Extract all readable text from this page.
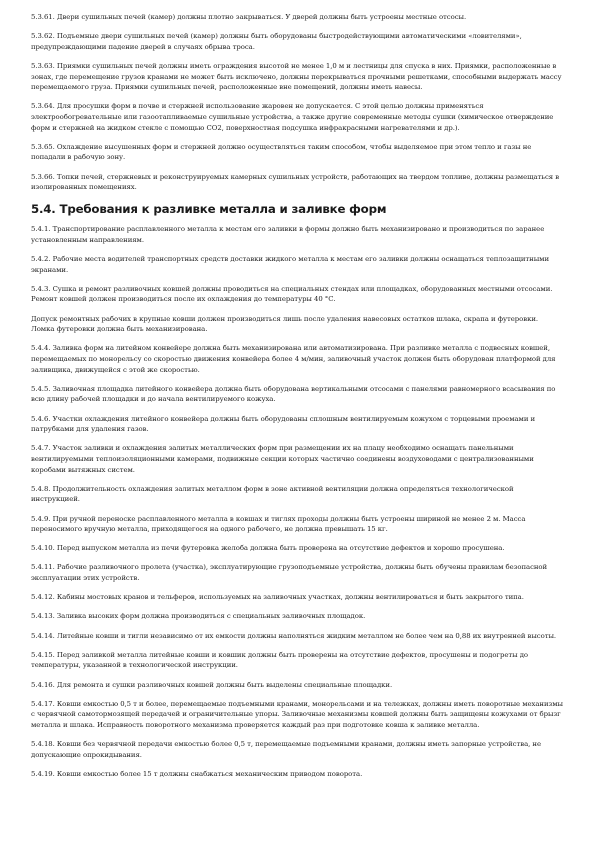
5.3.61. Двери сушильных печей (камер) должны плотно закрываться. У дверей должны быть устроены местные отсосы.

5.3.62. Подъемные двери сушильных печей (камер) должны быть оборудованы быстродействующими автоматическими «ловителями», предупреждающими падение дверей в случаях обрыва троса.

5.3.63. Приямки сушильных печей должны иметь ограждения высотой не менее 1,0 м и лестницы для спуска в них. Приямки, расположенные в зонах, где перемещение грузов кранами не может быть исключено, должны перекрываться прочными решетками, способными выдержать массу перемещаемого груза. Приямки сушильных печей, расположенные вне помещений, должны иметь навесы.

5.3.64. Для просушки форм в почве и стержней использование жаровен не допускается. С этой целью должны применяться электрообогревательные или газоотапливаемые сушильные устройства, а также другие современные методы сушки (химическое отверждение форм и стержней на жидком стекле с помощью CO2, поверхностная подсушка инфракрасными нагревателями и др.).

5.3.65. Охлаждение высушенных форм и стержней должно осуществляться таким способом, чтобы выделяемое при этом тепло и газы не попадали в рабочую зону.

5.3.66. Топки печей, стержневых и реконструируемых камерных сушильных устройств, работающих на твердом топливе, должны размещаться в изолированных помещениях.

5.4. Требования к разливке металла и заливке форм

5.4.1. Транспортирование расплавленного металла к местам его заливки в формы должно быть механизировано и производиться по заранее установленным направлениям.

5.4.2. Рабочие места водителей транспортных средств доставки жидкого металла к местам его заливки должны оснащаться теплозащитными экранами.

5.4.3. Сушка и ремонт разливочных ковшей должны проводиться на специальных стендах или площадках, оборудованных местными отсосами. Ремонт ковшей должен производиться после их охлаждения до температуры 40 °С.

Допуск ремонтных рабочих в крупные ковши должен производиться лишь после удаления навесовых остатков шлака, скрапа и футеровки. Ломка футеровки должна быть механизирована.

5.4.4. Заливка форм на литейном конвейере должна быть механизирована или автоматизирована. При разливке металла с подвесных ковшей, перемещаемых по монорельсу со скоростью движения конвейера более 4 м/мин, заливочный участок должен быть оборудован платформой для заливщика, движущейся с этой же скоростью.

5.4.5. Заливочная площадка литейного конвейера должна быть оборудована вертикальными отсосами с панелями равномерного всасывания по всю длину рабочей площадки и до начала вентилируемого кожуха.

5.4.6. Участки охлаждения литейного конвейера должны быть оборудованы сплошным вентилируемым кожухом с торцевыми проемами и патрубками для удаления газов.

5.4.7. Участок заливки и охлаждения залитых металлических форм при размещении их на плацу необходимо оснащать панельными вентилируемыми теплоизоляционными камерами, подвижные секции которых частично соединены воздуховодами с централизованными коробами вытяжных систем.

5.4.8. Продолжительность охлаждения залитых металлом форм в зоне активной вентиляции должна определяться технологической инструкцией.

5.4.9. При ручной переноске расплавленного металла в ковшах и тиглях проходы должны быть устроены шириной не менее 2 м. Масса переносимого вручную металла, приходящегося на одного рабочего, не должна превышать 15 кг.

5.4.10. Перед выпуском металла из печи футеровка желоба должна быть проверена на отсутствие дефектов и хорошо просушена.

5.4.11. Рабочие разливочного пролета (участка), эксплуатирующие грузоподъемные устройства, должны быть обучены правилам безопасной эксплуатации этих устройств.

5.4.12. Кабины мостовых кранов и тельферов, используемых на заливочных участках, должны вентилироваться и быть закрытого типа.

5.4.13. Заливка высоких форм должна производиться с специальных заливочных площадок.

5.4.14. Литейные ковши и тигли независимо от их емкости должны наполняться жидким металлом не более чем на 0,88 их внутренней высоты.

5.4.15. Перед заливкой металла литейные ковши и ковшик должны быть проверены на отсутствие дефектов, просушены и подогреты до температуры, указанной в технологической инструкции.

5.4.16. Для ремонта и сушки разливочных ковшей должны быть выделены специальные площадки.

5.4.17. Ковши емкостью 0,5 т и более, перемещаемые подъемными кранами, монорельсами и на тележках, должны иметь поворотные механизмы с червячной самотормозящей передачей и ограничительные упоры. Заливочные механизмы ковшей должны быть защищены кожухами от брызг металла и шлака. Исправность поворотного механизма проверяется каждый раз при подготовке ковша к заливке металла.

5.4.18. Ковши без червячной передачи емкостью более 0,5 т, перемещаемые подъемными кранами, должны иметь запорные устройства, не допускающие опрокидывания.

5.4.19. Ковши емкостью более 15 т должны снабжаться механическим приводом поворота.
